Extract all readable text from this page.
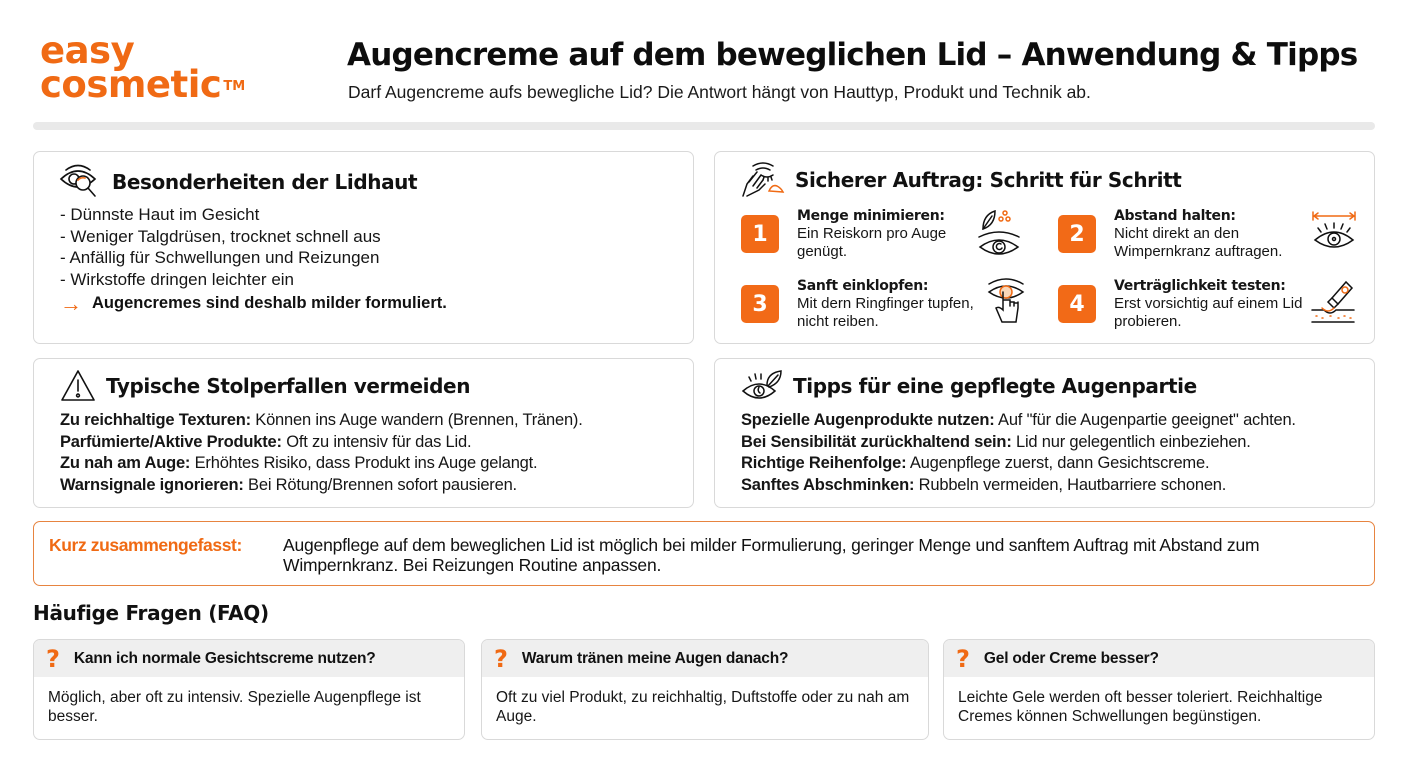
easy
cosmetic ™
Augencreme auf dem beweglichen Lid – Anwendung & Tipps
Darf Augencreme aufs bewegliche Lid? Die Antwort hängt von Hauttyp, Produkt und Technik ab.
Besonderheiten der Lidhaut
- Dünnste Haut im Gesicht
- Weniger Talgdrüsen, trocknet schnell aus
- Anfällig für Schwellungen und Reizungen
- Wirkstoffe dringen leichter ein
→ Augencremes sind deshalb milder formuliert.
Sicherer Auftrag: Schritt für Schritt
1
Menge minimieren:
Ein Reiskorn pro Auge genügt.
2
Abstand halten:
Nicht direkt an den Wimpernkranz auftragen.
3
Sanft einklopfen:
Mit dern Ringfinger tupfen, nicht reiben.
4
Verträglichkeit testen:
Erst vorsichtig auf einem Lid probieren.
Typische Stolperfallen vermeiden
Zu reichhaltige Texturen: Können ins Auge wandern (Brennen, Tränen).
Parfümierte/Aktive Produkte: Oft zu intensiv für das Lid.
Zu nah am Auge: Erhöhtes Risiko, dass Produkt ins Auge gelangt.
Warnsignale ignorieren: Bei Rötung/Brennen sofort pausieren.
Tipps für eine gepflegte Augenpartie
Spezielle Augenprodukte nutzen: Auf "für die Augenpartie geeignet" achten.
Bei Sensibilität zurückhaltend sein: Lid nur gelegentlich einbeziehen.
Richtige Reihenfolge: Augenpflege zuerst, dann Gesichtscreme.
Sanftes Abschminken: Rubbeln vermeiden, Hautbarriere schonen.
Kurz zusammengefasst: Augenpflege auf dem beweglichen Lid ist möglich bei milder Formulierung, geringer Menge und sanftem Auftrag mit Abstand zum Wimpernkranz. Bei Reizungen Routine anpassen.
Häufige Fragen (FAQ)
? Kann ich normale Gesichtscreme nutzen?
Möglich, aber oft zu intensiv. Spezielle Augenpflege ist besser.
? Warum tränen meine Augen danach?
Oft zu viel Produkt, zu reichhaltig, Duftstoffe oder zu nah am Auge.
? Gel oder Creme besser?
Leichte Gele werden oft besser toleriert. Reichhaltige Cremes können Schwellungen begünstigen.
